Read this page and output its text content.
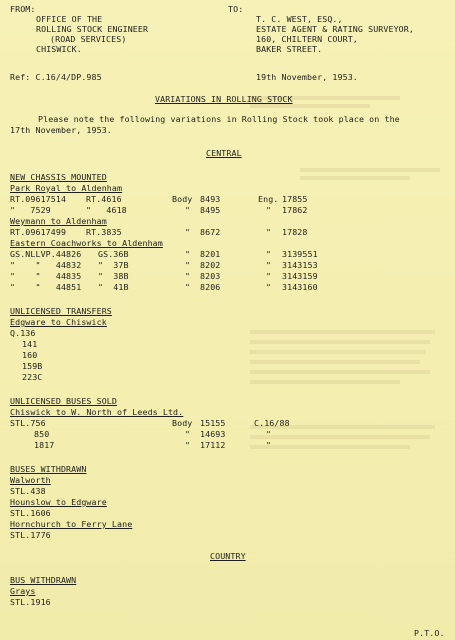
FROM:
OFFICE OF THE
ROLLING STOCK ENGINEER
(ROAD SERVICES)
CHISWICK.
TO:
T. C. WEST, ESQ.,
ESTATE AGENT & RATING SURVEYOR,
160, CHILTERN COURT,
BAKER STREET.
Ref: C.16/4/DP.985	19th November, 1953.
VARIATIONS IN ROLLING STOCK
Please note the following variations in Rolling Stock took place on the
17th November, 1953.
CENTRAL
NEW CHASSIS MOUNTED
Park Royal to Aldenham
RT.09617514 RT.4616	Body 8493	Eng. 17855
"   7529	"   4618	" 8495	" 17862
Weymann to Aldenham
RT.09617499 RT.3835	" 8672	" 17828
Eastern Coachworks to Aldenham
GS.NLLVP.44826 GS.36B	" 8201	" 3139551
"    "   44832 "  37B	" 8202	" 3143153
"    "   44835 "  38B	" 8203	" 3143159
"    "   44851 "  41B	" 8206	" 3143160
UNLICENSED TRANSFERS
Edgware to Chiswick
Q.136
141
160
159B
223C
UNLICENSED BUSES SOLD
Chiswick to W. North of Leeds Ltd.
STL.756	Body 15155	C.16/88
850	" 14693	"
1817	" 17112	"
BUSES WITHDRAWN
Walworth
STL.438
Hounslow to Edgware
STL.1606
Hornchurch to Ferry Lane
STL.1776
COUNTRY
BUS WITHDRAWN
Grays
STL.1916
P.T.O.
